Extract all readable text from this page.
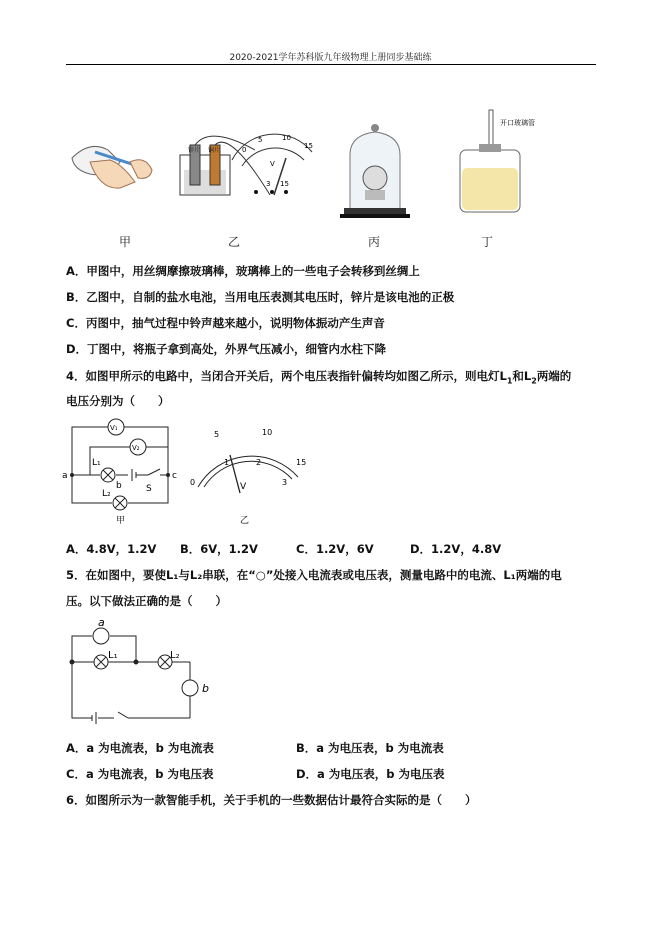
2020-2021学年苏科版九年级物理上册同步基础练
锌片 铜片	0
5	10
15
V
3 15
开口玻璃管
甲	乙	丙	丁
A．甲图中，用丝绸摩擦玻璃棒，玻璃棒上的一些电子会转移到丝绸上
B．乙图中，自制的盐水电池，当用电压表测其电压时，锌片是该电池的正极
C．丙图中，抽气过程中铃声越来越小，说明物体振动产生声音
D．丁图中，将瓶子拿到高处，外界气压减小，细管内水柱下降
4．如图甲所示的电路中，当闭合开关后，两个电压表指针偏转均如图乙所示，则电灯$L_1$和$L_2$两端的
电压分别为（　　）
V₁
V₂
a	c
b
L₁
L₂	S
甲
5	10
15
0
1	2
3
V
乙
A．4.8V，1.2V B．6V，1.2V	C．1.2V，6V	D．1.2V，4.8V
5．在如图中，要使L₁与L₂串联，在“○”处接入电流表或电压表，测量电路中的电流、L₁两端的电
压。以下做法正确的是（　　）
a
b
L₁	L₂
A．a 为电流表，b 为电流表	B．a 为电压表，b 为电流表
C．a 为电流表，b 为电压表	D．a 为电压表，b 为电压表
6．如图所示为一款智能手机，关于手机的一些数据估计最符合实际的是（　　）
